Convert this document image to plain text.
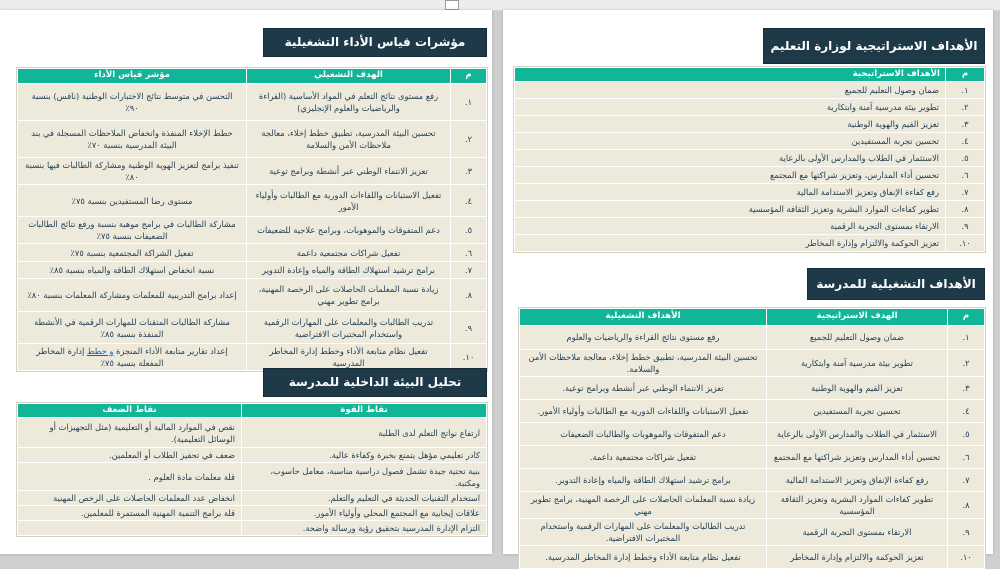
مؤشرات قياس الأداء التشغيلية
م	الهدف التشغيلي	مؤشر قياس الأداء
١.	رفع مستوى نتائج التعلم في المواد الأساسية (القراءة والرياضيات والعلوم الإنجليزي)	التحسن في متوسط نتائج الاختبارات الوطنية (نافس) بنسبة ٩٠٪
٢.	تحسين البيئة المدرسية، تطبيق خطط إخلاء، معالجة ملاحظات الأمن والسلامة	خطط الإخلاء المنفذة وانخفاض الملاحظات المسجلة في بند البيئة المدرسية بنسبة ٧٠٪
٣.	تعزيز الانتماء الوطني عبر أنشطة وبرامج توعية	تنفيذ برامج لتعزيز الهوية الوطنية ومشاركة الطالبات فيها بنسبة ٨٠٪
٤.	تفعيل الاستبانات واللقاءات الدورية مع الطالبات وأولياء الأمور	مستوى رضا المستفيدين بنسبة ٧٥٪
٥.	دعم المتفوقات والموهوبات، وبرامج علاجية للضعيفات	مشاركة الطالبات في برامج موهبة بنسبة ورفع نتائج الطالبات الضعيفات بنسبة ٧٥٪
٦.	تفعيل شراكات مجتمعية داعمة	تفعيل الشراكة المجتمعية بنسبة ٧٥٪
٧.	برامج ترشيد استهلاك الطاقة والمياه وإعادة التدوير	نسبة انخفاض استهلاك الطاقة والمياه بنسبة ٨٥٪
٨.	زيادة نسبة المعلمات الحاصلات على الرخصة المهنية، برامج تطوير مهني	إعداد برامج التدريبية للمعلمات ومشاركة المعلمات بنسبة ٨٠٪
٩.	تدريب الطالبات والمعلمات على المهارات الرقمية واستخدام المختبرات الافتراضية	مشاركة الطالبات المتقنات للمهارات الرقمية في الأنشطة المنفذة بنسبة ٨٥٪
١٠.	تفعيل نظام متابعة الأداء وخطط إدارة المخاطر المدرسية	إعداد تقارير متابعة الأداء المنجزة و خطط إدارة المخاطر المفعلة بنسبة ٧٥٪
تحليل البيئة الداخلية للمدرسة
نقاط القوة	نقاط الضعف
ارتفاع نواتج التعلم لدى الطلبة	نقص في الموارد المالية أو التعليمية (مثل التجهيزات أو الوسائل التعليمية).
كادر تعليمي مؤهل يتمتع بخبرة وكفاءة عالية.	ضعف في تحفيز الطلاب أو المعلمين.
بنية تحتية جيدة تشمل فصول دراسية مناسبة، معامل حاسوب، ومكتبة.	قلة معلمات مادة العلوم .
استخدام التقنيات الحديثة في التعليم والتعلم.	انخفاض عدد المعلمات الحاصلات على الرخص المهنية
علاقات إيجابية مع المجتمع المحلي وأولياء الأمور.	قلة برامج التنمية المهنية المستمرة للمعلمين.
التزام الإدارة المدرسية بتحقيق رؤية ورسالة واضحة.	
الأهداف الاستراتيجية لوزارة التعليم
م	الأهداف الاستراتيجية
١.	ضمان وصول التعليم للجميع
٢.	تطوير بيئة مدرسية آمنة وابتكارية
٣.	تعزيز القيم والهوية الوطنية
٤.	تحسين تجربة المستفيدين
٥.	الاستثمار في الطلاب والمدارس الأولى بالرعاية
٦.	تحسين أداء المدارس، وتعزيز شراكتها مع المجتمع
٧.	رفع كفاءة الإنفاق وتعزيز الاستدامة المالية
٨.	تطوير كفاءات الموارد البشرية وتعزيز الثقافة المؤسسية
٩.	الارتقاء بمستوى التجربة الرقمية
١٠.	تعزيز الحوكمة والالتزام وإدارة المخاطر
الأهداف التشغيلية للمدرسة
م	الهدف الاستراتيجية	الأهداف التشغيلية
١.	ضمان وصول التعليم للجميع	رفع مستوى نتائج القراءة والرياضيات والعلوم
٢.	تطوير بيئة مدرسية آمنة وابتكارية	تحسين البيئة المدرسية، تطبيق خطط إخلاء، معالجة ملاحظات الأمن والسلامة.
٣.	تعزيز القيم والهوية الوطنية	تعزيز الانتماء الوطني عبر أنشطة وبرامج توعية.
٤.	تحسين تجربة المستفيدين	تفعيل الاستبانات واللقاءات الدورية مع الطالبات وأولياء الأمور.
٥.	الاستثمار في الطلاب والمدارس الأولى بالرعاية	دعم المتفوقات والموهوبات والطالبات الضعيفات
٦.	تحسين أداء المدارس وتعزيز شراكتها مع المجتمع	تفعيل شراكات مجتمعية داعمة.
٧.	رفع كفاءة الإنفاق وتعزيز الاستدامة المالية	برامج ترشيد استهلاك الطاقة والمياه وإعادة التدوير.
٨.	تطوير كفاءات الموارد البشرية وتعزيز الثقافة المؤسسية	زيادة نسبة المعلمات الحاصلات على الرخصة المهنية، برامج تطوير مهني
٩.	الارتقاء بمستوى التجربة الرقمية	تدريب الطالبات والمعلمات على المهارات الرقمية واستخدام المختبرات الافتراضية.
١٠.	تعزيز الحوكمة والالتزام وإدارة المخاطر	تفعيل نظام متابعة الأداء وخطط إدارة المخاطر المدرسية.
